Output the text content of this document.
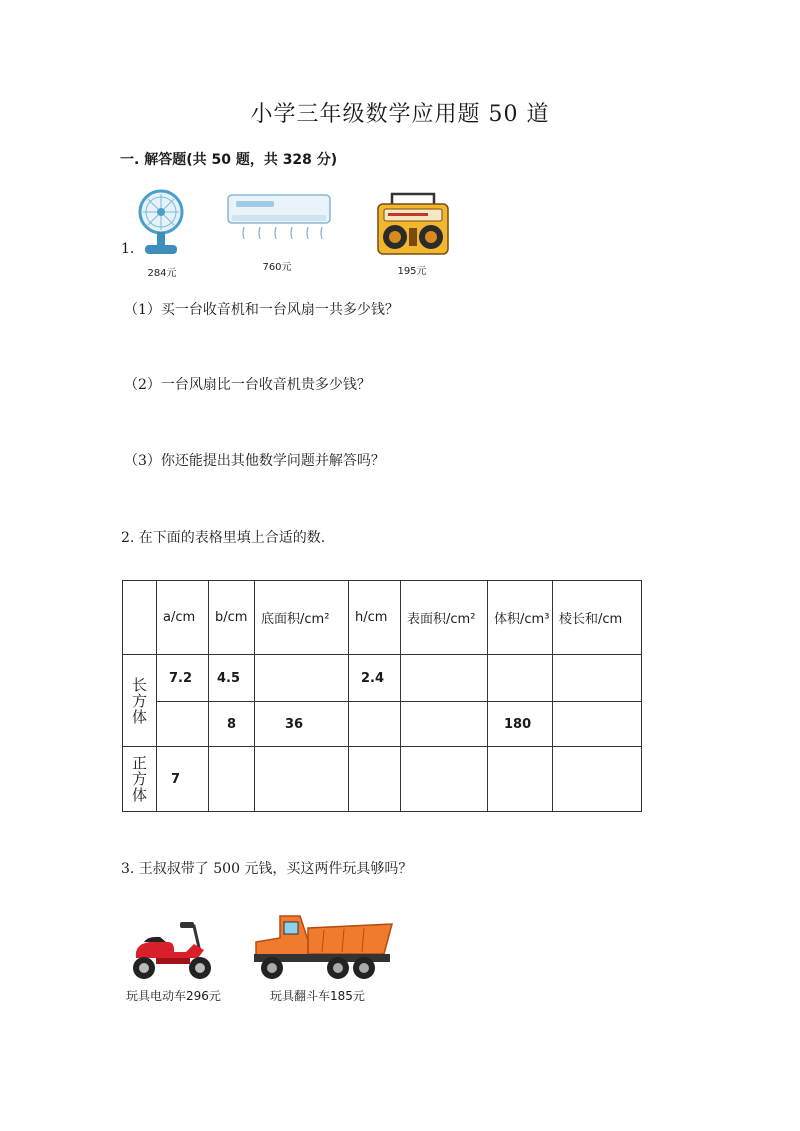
小学三年级数学应用题 50 道
一. 解答题(共 50 题，共 328 分)
1.
284元
760元	195元
（1）买一台收音机和一台风扇一共多少钱？
（2）一台风扇比一台收音机贵多少钱？
（3）你还能提出其他数学问题并解答吗？
2. 在下面的表格里填上合适的数.
	a/cm	b/cm	底面积/cm²	h/cm	表面积/cm²	体积/cm³	棱长和/cm

长方体	7.2	4.5		2.4			
		8	36			180	

正方体	7						
3. 王叔叔带了 500 元钱，买这两件玩具够吗？
玩具电动车296元	玩具翻斗车185元
